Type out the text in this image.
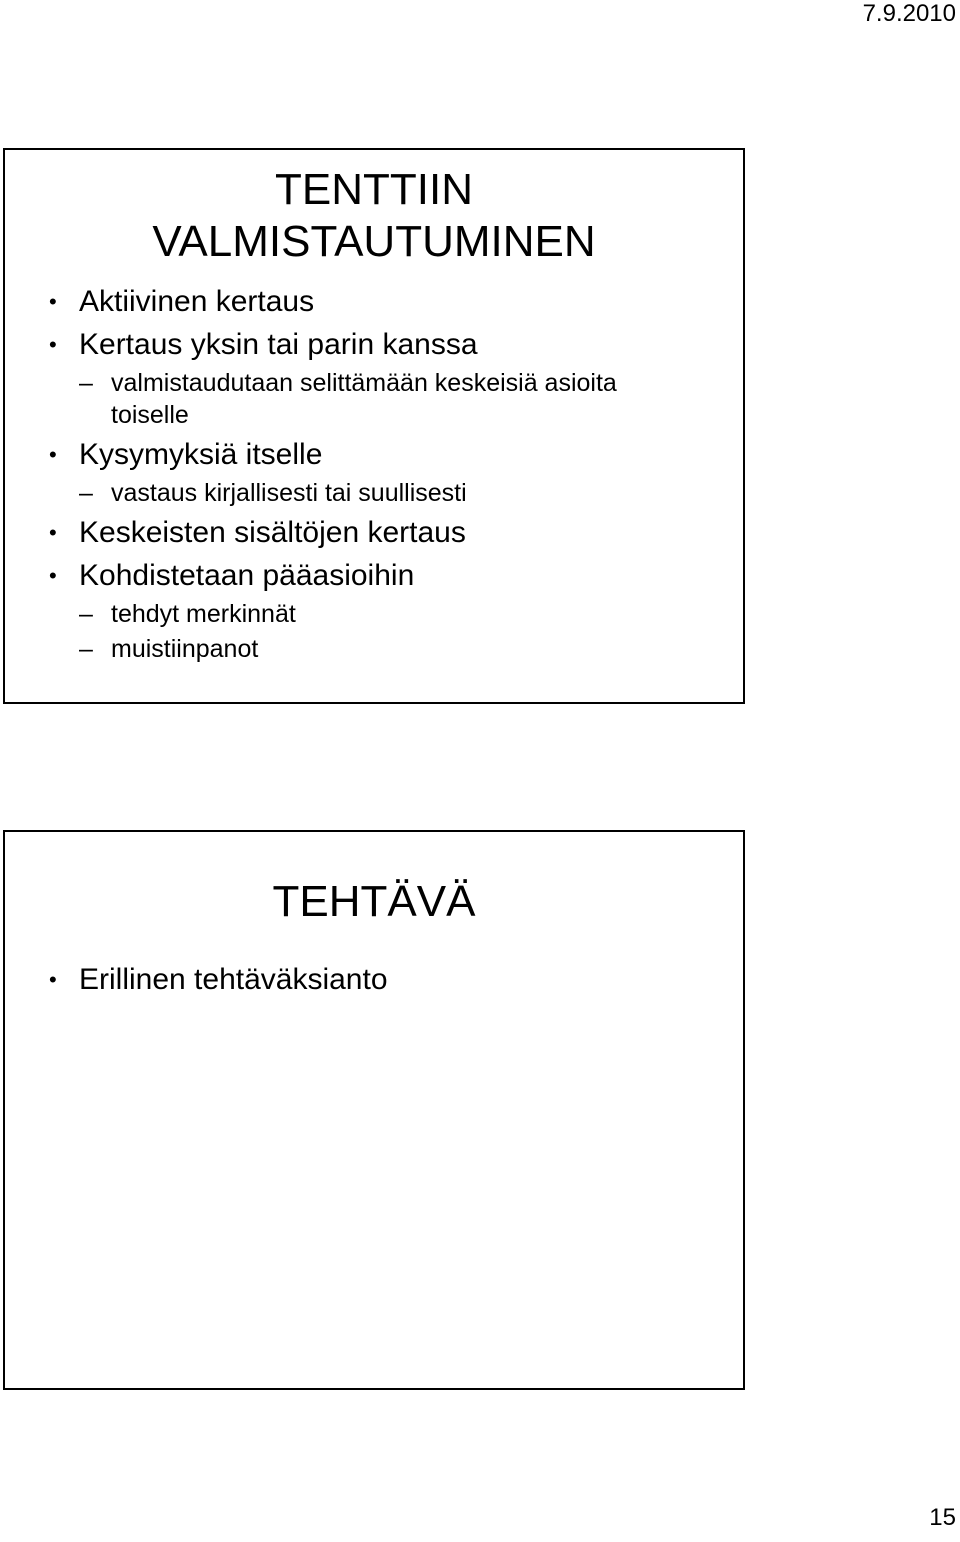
7.9.2010
TENTTIIN
VALMISTAUTUMINEN
• Aktiivinen kertaus
• Kertaus yksin tai parin kanssa
– valmistaudutaan selittämään keskeisiä asioita toiselle
• Kysymyksiä itselle
– vastaus kirjallisesti tai suullisesti
• Keskeisten sisältöjen kertaus
• Kohdistetaan pääasioihin
– tehdyt merkinnät
– muistiinpanot
TEHTÄVÄ
• Erillinen tehtäväksianto
15
